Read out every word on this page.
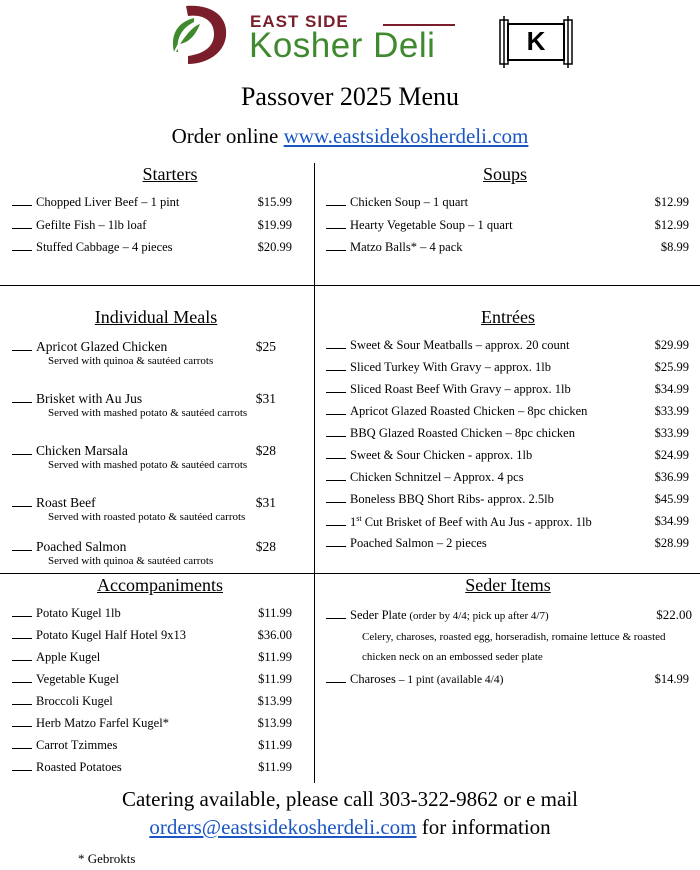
EAST SIDE
Kosher Deli	K
Passover 2025 Menu
Order online www.eastsidekosherdeli.com
Starters
Chopped Liver Beef – 1 pint	$15.99
Gefilte Fish – 1lb loaf	$19.99
Stuffed Cabbage – 4 pieces	$20.99
Soups
Chicken Soup – 1 quart	$12.99
Hearty Vegetable Soup – 1 quart	$12.99
Matzo Balls* – 4 pack	$8.99
Individual Meals
Apricot Glazed Chicken	$25
Served with quinoa & sautéed carrots
Brisket with Au Jus	$31
Served with mashed potato & sautéed carrots
Chicken Marsala	$28
Served with mashed potato & sautéed carrots
Roast Beef	$31
Served with roasted potato & sautéed carrots
Poached Salmon	$28
Served with quinoa & sautéed carrots
Entrées
Sweet & Sour Meatballs – approx. 20 count	$29.99
Sliced Turkey With Gravy – approx. 1lb	$25.99
Sliced Roast Beef With Gravy – approx. 1lb	$34.99
Apricot Glazed Roasted Chicken – 8pc chicken	$33.99
BBQ Glazed Roasted Chicken – 8pc chicken	$33.99
Sweet & Sour Chicken - approx. 1lb	$24.99
Chicken Schnitzel – Approx. 4 pcs	$36.99
Boneless BBQ Short Ribs- approx. 2.5lb	$45.99
1st Cut Brisket of Beef with Au Jus - approx. 1lb	$34.99
Poached Salmon – 2 pieces	$28.99
Accompaniments
Potato Kugel 1lb	$11.99
Potato Kugel Half Hotel 9x13	$36.00
Apple Kugel	$11.99
Vegetable Kugel	$11.99
Broccoli Kugel	$13.99
Herb Matzo Farfel Kugel*	$13.99
Carrot Tzimmes	$11.99
Roasted Potatoes	$11.99
Seder Items
Seder Plate (order by 4/4; pick up after 4/7)	$22.00
Celery, charoses, roasted egg, horseradish, romaine lettuce & roasted
chicken neck on an embossed seder plate
Charoses – 1 pint (available 4/4)	$14.99
Catering available, please call 303-322-9862 or e mail
orders@eastsidekosherdeli.com for information
* Gebrokts
